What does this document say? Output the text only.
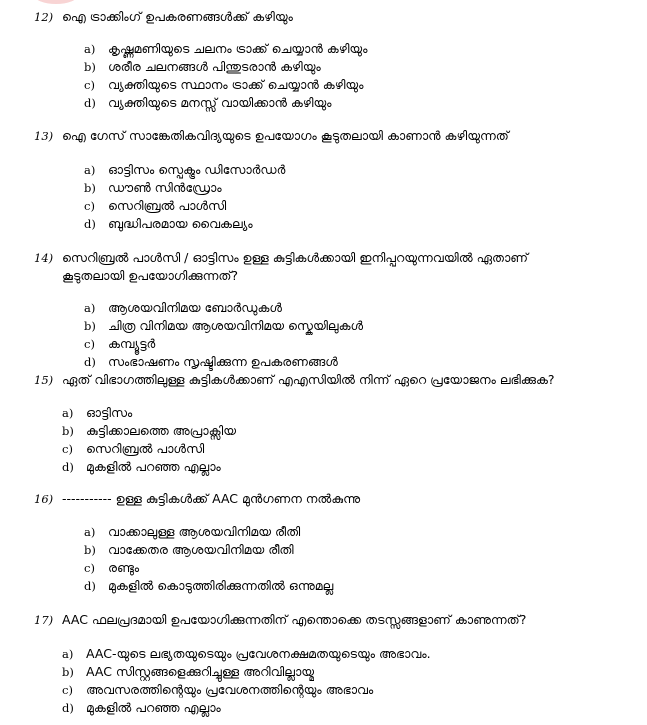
12) ഐ ട്രാക്കിംഗ് ഉപകരണങ്ങൾക്ക് കഴിയും
a) കൃഷ്ണമണിയുടെ ചലനം ട്രാക്ക് ചെയ്യാൻ കഴിയും
b) ശരീര ചലനങ്ങൾ പിന്തുടരാൻ കഴിയും
c) വ്യക്തിയുടെ സ്ഥാനം ട്രാക്ക് ചെയ്യാൻ കഴിയും
d) വ്യക്തിയുടെ മനസ്സ് വായിക്കാൻ കഴിയും
13) ഐ ഗേസ് സാങ്കേതികവിദ്യയുടെ ഉപയോഗം കൂടുതലായി കാണാൻ കഴിയുന്നത്
a) ഓട്ടിസം സ്പെക്ട്രം ഡിസോർഡർ
b) ഡൗൺ സിൻഡ്രോം
c) സെറിബ്രൽ പാൾസി
d) ബുദ്ധിപരമായ വൈകല്യം
14) സെറിബ്രൽ പാൾസി / ഓട്ടിസം ഉള്ള കുട്ടികൾക്കായി ഇനിപ്പറയുന്നവയിൽ ഏതാണ്
കൂടുതലായി ഉപയോഗിക്കുന്നത്?
a) ആശയവിനിമയ ബോർഡുകൾ
b) ചിത്ര വിനിമയ ആശയവിനിമയ സ്കെയിലുകൾ
c) കമ്പ്യൂട്ടർ
d) സംഭാഷണം സൃഷ്ടിക്കുന്ന ഉപകരണങ്ങൾ
15) ഏത് വിഭാഗത്തിലുള്ള കുട്ടികൾക്കാണ് എഎസിയിൽ നിന്ന് ഏറെ പ്രയോജനം ലഭിക്കുക?
a) ഓട്ടിസം
b) കുട്ടിക്കാലത്തെ അപ്രാക്സിയ
c) സെറിബ്രൽ പാൾസി
d) മുകളിൽ പറഞ്ഞ എല്ലാം
16) ----------- ഉള്ള കുട്ടികൾക്ക് AAC മുൻഗണന നൽകുന്നു
a) വാക്കാലുള്ള ആശയവിനിമയ രീതി
b) വാക്കേതര ആശയവിനിമയ രീതി
c) രണ്ടും
d) മുകളിൽ കൊടുത്തിരിക്കുന്നതിൽ ഒന്നുമല്ല
17) AAC ഫലപ്രദമായി ഉപയോഗിക്കുന്നതിന് എന്തൊക്കെ തടസ്സങ്ങളാണ് കാണുന്നത്?
a) AAC-യുടെ ലഭ്യതയുടെയും പ്രവേശനക്ഷമതയുടെയും അഭാവം.
b) AAC സിസ്റ്റങ്ങളെക്കുറിച്ചുള്ള അറിവില്ലായ്മ
c) അവസരത്തിന്റെയും പ്രവേശനത്തിന്റെയും അഭാവം
d) മുകളിൽ പറഞ്ഞ എല്ലാം
